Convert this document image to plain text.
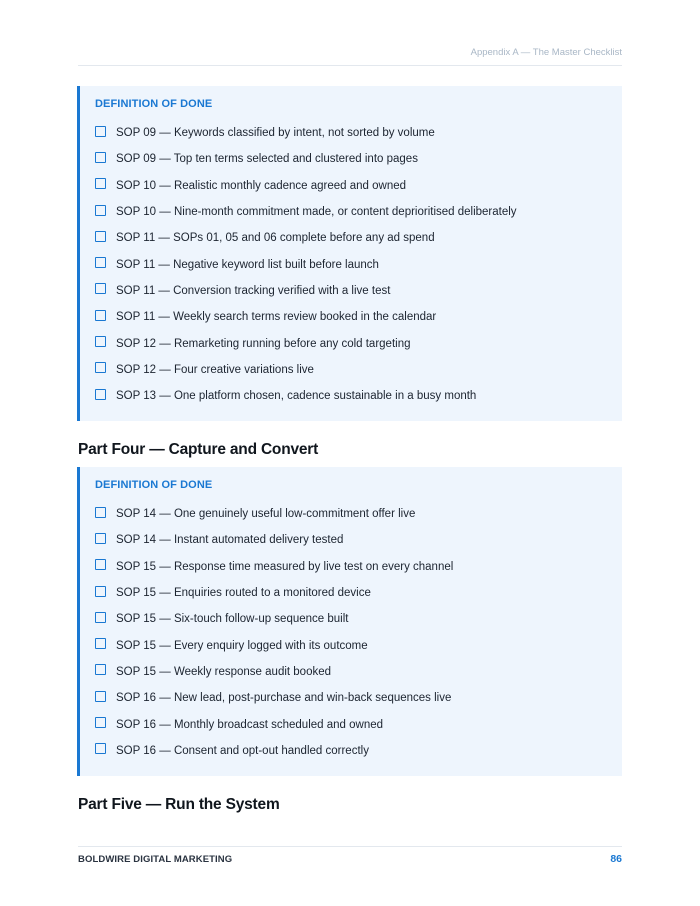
Appendix A — The Master Checklist
DEFINITION OF DONE
SOP 09 — Keywords classified by intent, not sorted by volume
SOP 09 — Top ten terms selected and clustered into pages
SOP 10 — Realistic monthly cadence agreed and owned
SOP 10 — Nine-month commitment made, or content deprioritised deliberately
SOP 11 — SOPs 01, 05 and 06 complete before any ad spend
SOP 11 — Negative keyword list built before launch
SOP 11 — Conversion tracking verified with a live test
SOP 11 — Weekly search terms review booked in the calendar
SOP 12 — Remarketing running before any cold targeting
SOP 12 — Four creative variations live
SOP 13 — One platform chosen, cadence sustainable in a busy month
Part Four — Capture and Convert
DEFINITION OF DONE
SOP 14 — One genuinely useful low-commitment offer live
SOP 14 — Instant automated delivery tested
SOP 15 — Response time measured by live test on every channel
SOP 15 — Enquiries routed to a monitored device
SOP 15 — Six-touch follow-up sequence built
SOP 15 — Every enquiry logged with its outcome
SOP 15 — Weekly response audit booked
SOP 16 — New lead, post-purchase and win-back sequences live
SOP 16 — Monthly broadcast scheduled and owned
SOP 16 — Consent and opt-out handled correctly
Part Five — Run the System
BOLDWIRE DIGITAL MARKETING	86
